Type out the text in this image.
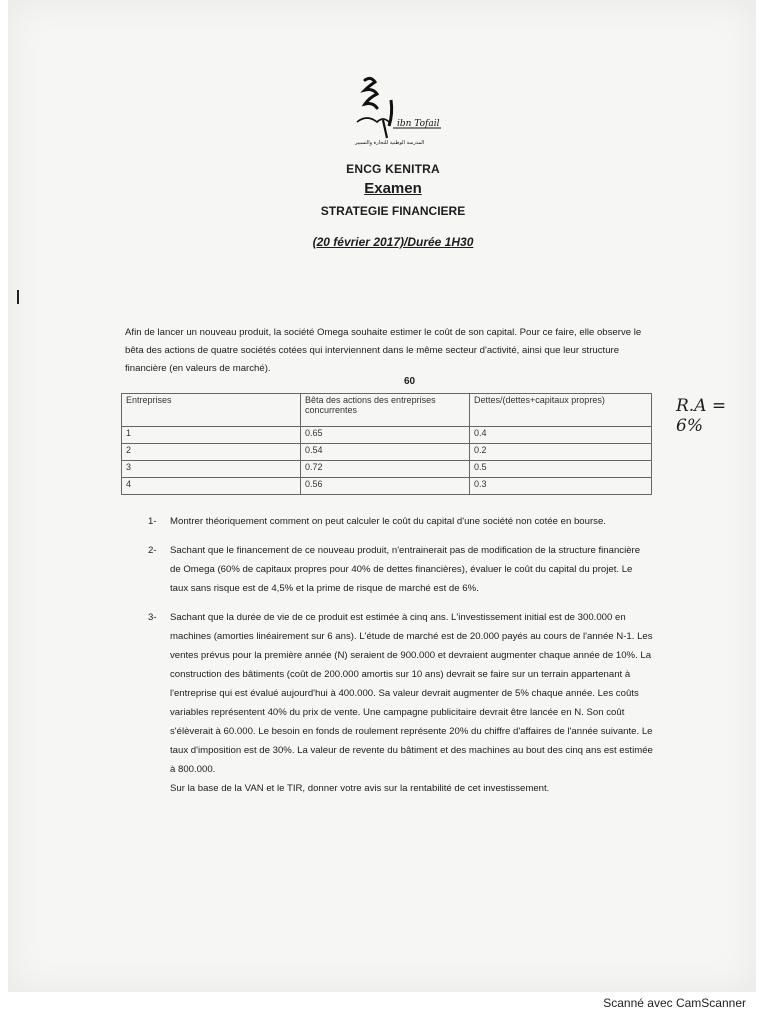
ibn Tofail
المدرسة الوطنية للتجارة والتسيير
ENCG KENITRA
Examen
STRATEGIE FINANCIERE
(20 février 2017)/Durée 1H30
Afin de lancer un nouveau produit, la société Omega souhaite estimer le coût de son capital. Pour ce faire, elle observe le bêta des actions de quatre sociétés cotées qui interviennent dans le même secteur d'activité, ainsi que leur structure financière (en valeurs de marché).
60
Entreprises	Bêta des actions des entreprises concurrentes	Dettes/(dettes+capitaux propres)
1	0.65	0.4
2	0.54	0.2
3	0.72	0.5
4	0.56	0.3
R.A = 6%
1- Montrer théoriquement comment on peut calculer le coût du capital d'une société non cotée en bourse.
2- Sachant que le financement de ce nouveau produit, n'entrainerait pas de modification de la structure financière de Omega (60% de capitaux propres pour 40% de dettes financières), évaluer le coût du capital du projet. Le taux sans risque est de 4,5% et la prime de risque de marché est de 6%.
3- Sachant que la durée de vie de ce produit est estimée à cinq ans. L'investissement initial est de 300.000 en machines (amorties linéairement sur 6 ans). L'étude de marché est de 20.000 payés au cours de l'année N-1. Les ventes prévus pour la première année (N) seraient de 900.000 et devraient augmenter chaque année de 10%. La construction des bâtiments (coût de 200.000 amortis sur 10 ans) devrait se faire sur un terrain appartenant à l'entreprise qui est évalué aujourd'hui à 400.000. Sa valeur devrait augmenter de 5% chaque année. Les coûts variables représentent 40% du prix de vente. Une campagne publicitaire devrait être lancée en N. Son coût s'élèverait à 60.000. Le besoin en fonds de roulement représente 20% du chiffre d'affaires de l'année suivante. Le taux d'imposition est de 30%. La valeur de revente du bâtiment et des machines au bout des cinq ans est estimée à 800.000.
Sur la base de la VAN et le TIR, donner votre avis sur la rentabilité de cet investissement.
Scanné avec CamScanner
